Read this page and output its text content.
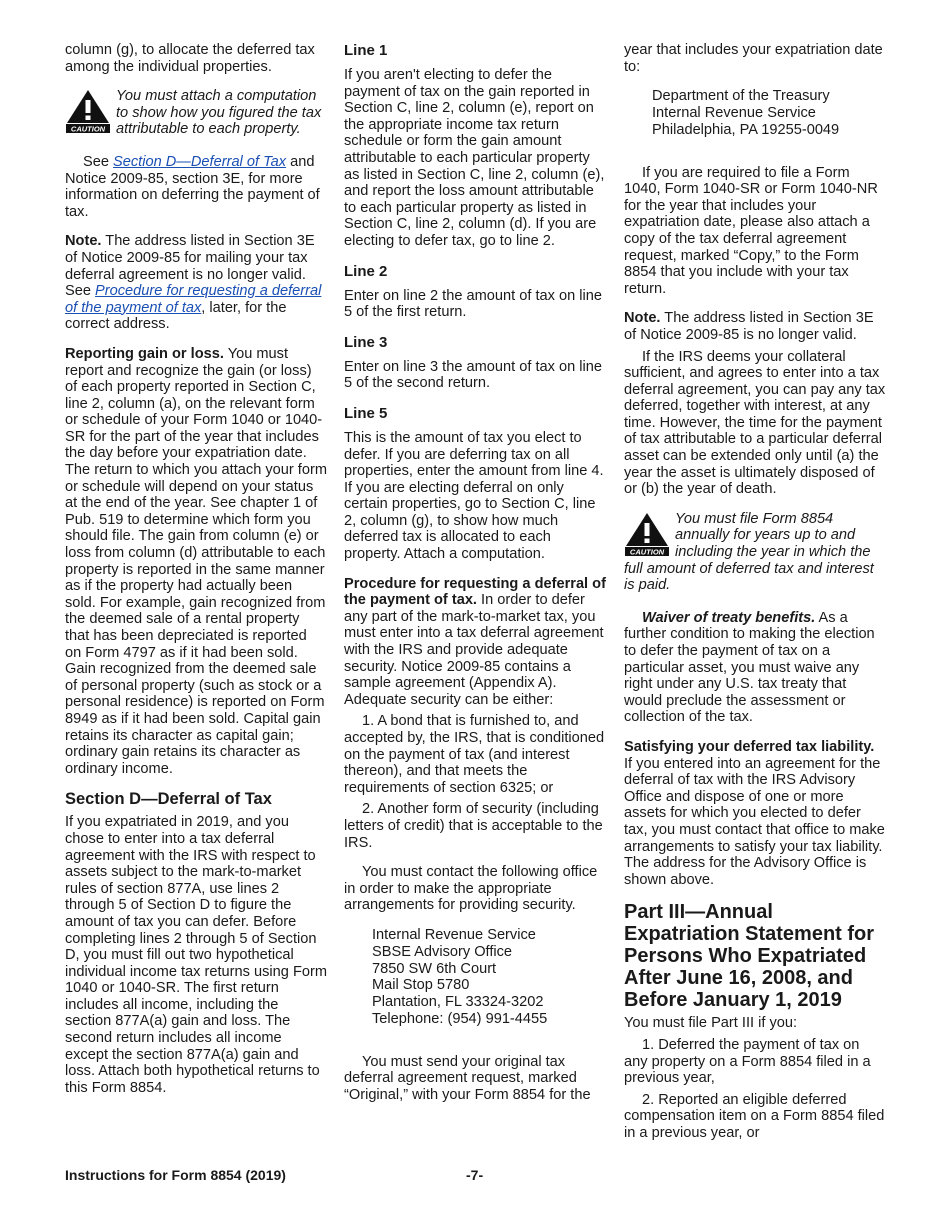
column (g), to allocate the deferred tax among the individual properties.

CAUTION
You must attach a computation to show how you figured the tax attributable to each property.

See Section D—Deferral of Tax and Notice 2009-85, section 3E, for more information on deferring the payment of tax.

Note. The address listed in Section 3E of Notice 2009-85 for mailing your tax deferral agreement is no longer valid. See Procedure for requesting a deferral of the payment of tax, later, for the correct address.

Reporting gain or loss. You must report and recognize the gain (or loss) of each property reported in Section C, line 2, column (a), on the relevant form or schedule of your Form 1040 or 1040-SR for the part of the year that includes the day before your expatriation date. The return to which you attach your form or schedule will depend on your status at the end of the year. See chapter 1 of Pub. 519 to determine which form you should file. The gain from column (e) or loss from column (d) attributable to each property is reported in the same manner as if the property had actually been sold. For example, gain recognized from the deemed sale of a rental property that has been depreciated is reported on Form 4797 as if it had been sold. Gain recognized from the deemed sale of personal property (such as stock or a personal residence) is reported on Form 8949 as if it had been sold. Capital gain retains its character as capital gain; ordinary gain retains its character as ordinary income.

Section D—Deferral of Tax

If you expatriated in 2019, and you chose to enter into a tax deferral agreement with the IRS with respect to assets subject to the mark-to-market rules of section 877A, use lines 2 through 5 of Section D to figure the amount of tax you can defer. Before completing lines 2 through 5 of Section D, you must fill out two hypothetical individual income tax returns using Form 1040 or 1040-SR. The first return includes all income, including the section 877A(a) gain and loss. The second return includes all income except the section 877A(a) gain and loss. Attach both hypothetical returns to this Form 8854.

Line 1

If you aren't electing to defer the payment of tax on the gain reported in Section C, line 2, column (e), report on the appropriate income tax return schedule or form the gain amount attributable to each particular property as listed in Section C, line 2, column (e), and report the loss amount attributable to each particular property as listed in Section C, line 2, column (d). If you are electing to defer tax, go to line 2.

Line 2

Enter on line 2 the amount of tax on line 5 of the first return.

Line 3

Enter on line 3 the amount of tax on line 5 of the second return.

Line 5

This is the amount of tax you elect to defer. If you are deferring tax on all properties, enter the amount from line 4. If you are electing deferral on only certain properties, go to Section C, line 2, column (g), to show how much deferred tax is allocated to each property. Attach a computation.

Procedure for requesting a deferral of the payment of tax. In order to defer any part of the mark-to-market tax, you must enter into a tax deferral agreement with the IRS and provide adequate security. Notice 2009-85 contains a sample agreement (Appendix A). Adequate security can be either:

1. A bond that is furnished to, and accepted by, the IRS, that is conditioned on the payment of tax (and interest thereon), and that meets the requirements of section 6325; or

2. Another form of security (including letters of credit) that is acceptable to the IRS.

You must contact the following office in order to make the appropriate arrangements for providing security.

Internal Revenue Service
SBSE Advisory Office
7850 SW 6th Court
Mail Stop 5780
Plantation, FL 33324-3202
Telephone: (954) 991-4455

You must send your original tax deferral agreement request, marked “Original,” with your Form 8854 for the

year that includes your expatriation date to:

Department of the Treasury
Internal Revenue Service
Philadelphia, PA 19255-0049

If you are required to file a Form 1040, Form 1040-SR or Form 1040-NR for the year that includes your expatriation date, please also attach a copy of the tax deferral agreement request, marked “Copy,” to the Form 8854 that you include with your tax return.

Note. The address listed in Section 3E of Notice 2009-85 is no longer valid.

If the IRS deems your collateral sufficient, and agrees to enter into a tax deferral agreement, you can pay any tax deferred, together with interest, at any time. However, the time for the payment of tax attributable to a particular deferral asset can be extended only until (a) the year the asset is ultimately disposed of or (b) the year of death.

CAUTION
You must file Form 8854 annually for years up to and including the year in which the full amount of deferred tax and interest is paid.

Waiver of treaty benefits. As a further condition to making the election to defer the payment of tax on a particular asset, you must waive any right under any U.S. tax treaty that would preclude the assessment or collection of the tax.

Satisfying your deferred tax liability. If you entered into an agreement for the deferral of tax with the IRS Advisory Office and dispose of one or more assets for which you elected to defer tax, you must contact that office to make arrangements to satisfy your tax liability. The address for the Advisory Office is shown above.

Part III—Annual Expatriation Statement for Persons Who Expatriated After June 16, 2008, and Before January 1, 2019

You must file Part III if you:

1. Deferred the payment of tax on any property on a Form 8854 filed in a previous year,

2. Reported an eligible deferred compensation item on a Form 8854 filed in a previous year, or

Instructions for Form 8854 (2019)	-7-
